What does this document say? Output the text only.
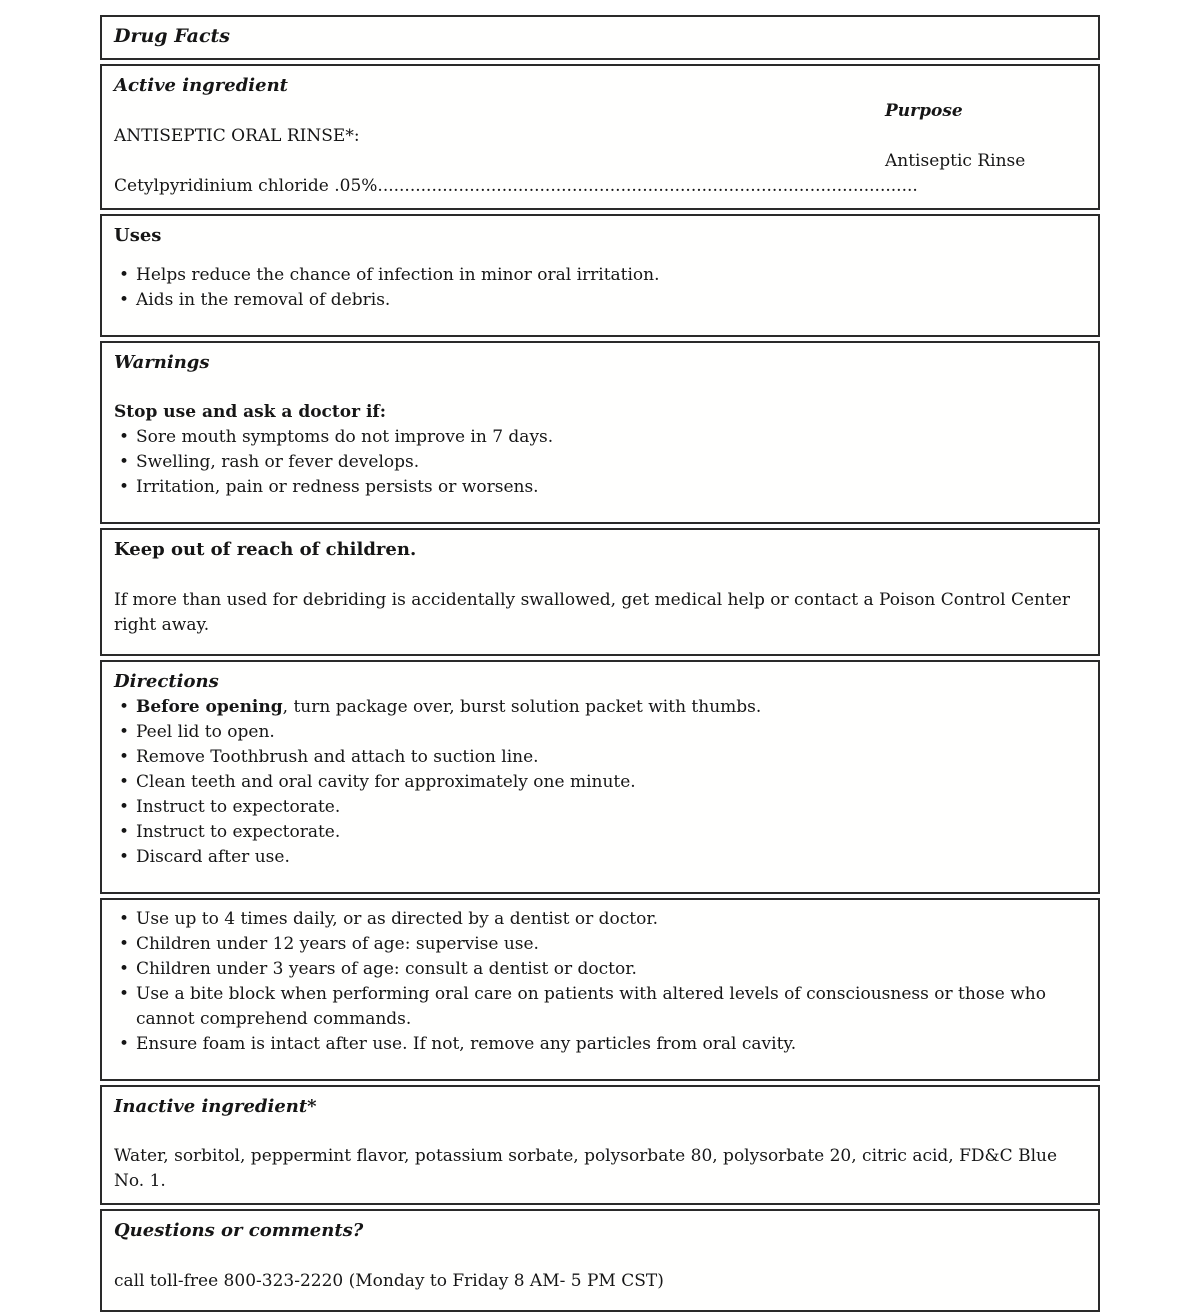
Drug Facts
Active ingredient
Purpose
ANTISEPTIC ORAL RINSE*:
Antiseptic Rinse
Cetylpyridinium chloride .05%....................................................................................................
Uses
• Helps reduce the chance of infection in minor oral irritation.
• Aids in the removal of debris.
Warnings
Stop use and ask a doctor if:
• Sore mouth symptoms do not improve in 7 days.
• Swelling, rash or fever develops.
• Irritation, pain or redness persists or worsens.
Keep out of reach of children.

If more than used for debriding is accidentally swallowed, get medical help or contact a Poison Control Center right away.

Directions
• Before opening, turn package over, burst solution packet with thumbs.
• Peel lid to open.
• Remove Toothbrush and attach to suction line.
• Clean teeth and oral cavity for approximately one minute.
• Instruct to expectorate.
• Instruct to expectorate.
• Discard after use.
• Use up to 4 times daily, or as directed by a dentist or doctor.
• Children under 12 years of age: supervise use.
• Children under 3 years of age: consult a dentist or doctor.
• Use a bite block when performing oral care on patients with altered levels of consciousness or those who cannot comprehend commands.
• Ensure foam is intact after use. If not, remove any particles from oral cavity.
Inactive ingredient*

Water, sorbitol, peppermint flavor, potassium sorbate, polysorbate 80, polysorbate 20, citric acid, FD&C Blue No. 1.

Questions or comments?

call toll-free 800-323-2220 (Monday to Friday 8 AM- 5 PM CST)
